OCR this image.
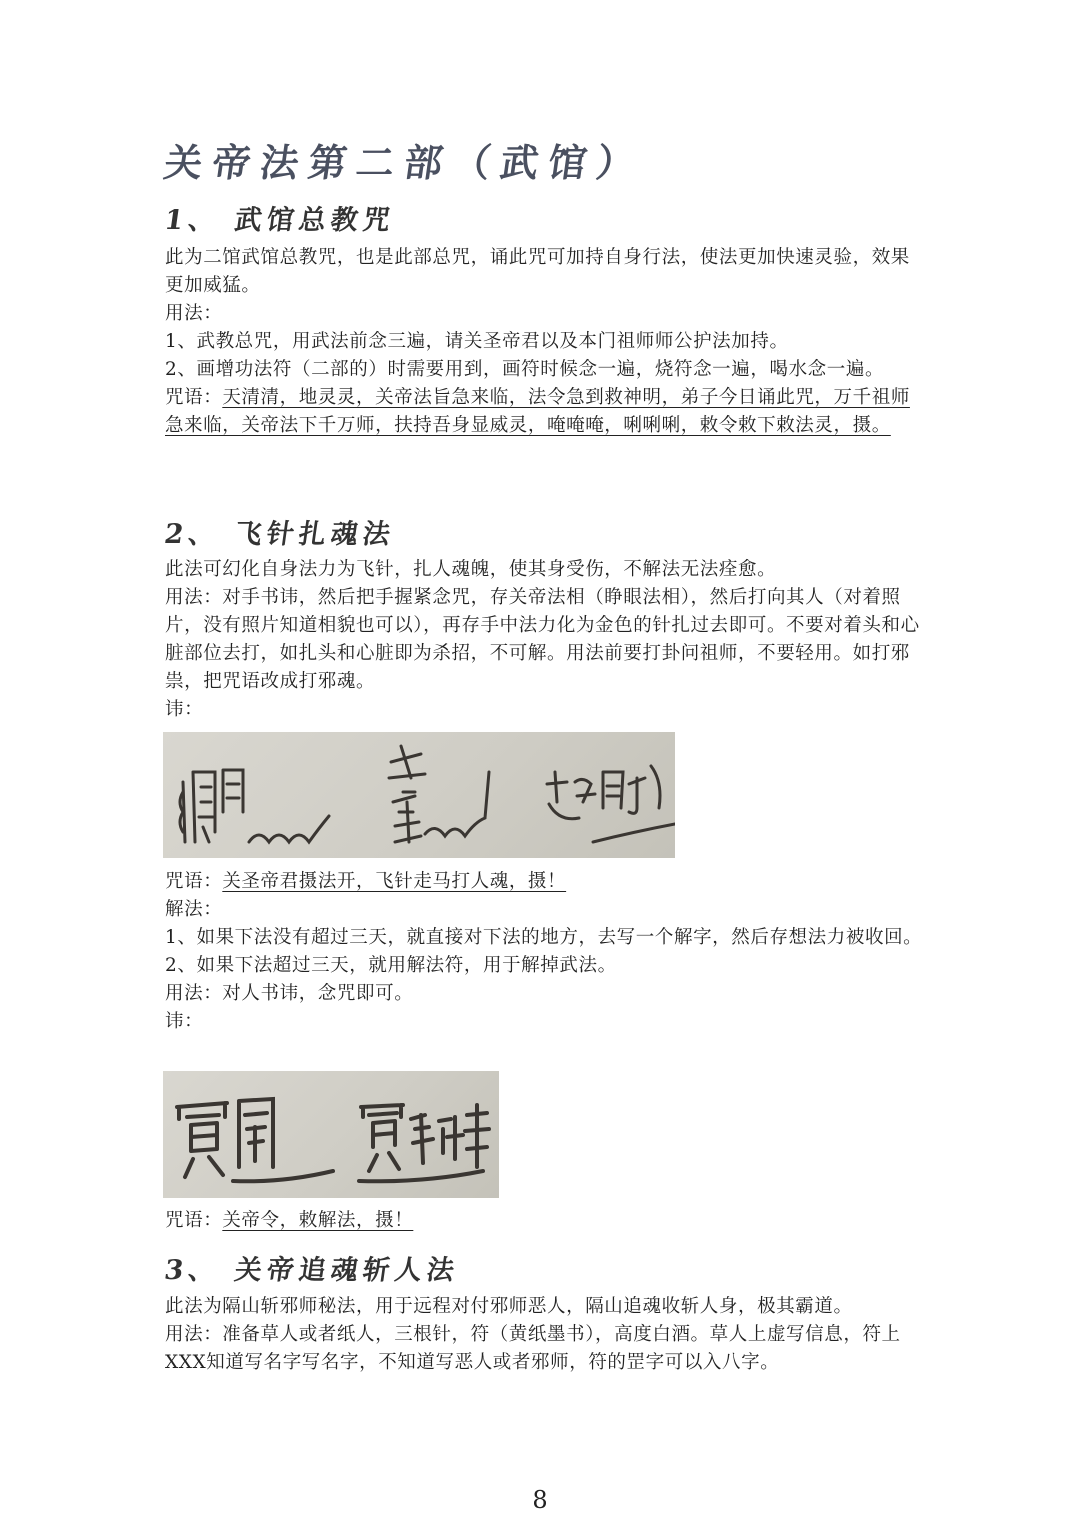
关帝法第二部（武馆）
1、 武馆总教咒

此为二馆武馆总教咒，也是此部总咒，诵此咒可加持自身行法，使法更加快速灵验，效果更加威猛。

用法：

1、武教总咒，用武法前念三遍，请关圣帝君以及本门祖师师公护法加持。

2、画增功法符（二部的）时需要用到，画符时候念一遍，烧符念一遍，喝水念一遍。

咒语：天清清，地灵灵，关帝法旨急来临，法令急到救神明，弟子今日诵此咒，万千祖师急来临，关帝法下千万师，扶持吾身显威灵，唵唵唵，唎唎唎，敕令敕下敕法灵，摄。

2、 飞针扎魂法

此法可幻化自身法力为飞针，扎人魂魄，使其身受伤，不解法无法痊愈。

用法：对手书讳，然后把手握紧念咒，存关帝法相（睁眼法相），然后打向其人（对着照片，没有照片知道相貌也可以），再存手中法力化为金色的针扎过去即可。不要对着头和心脏部位去打，如扎头和心脏即为杀招，不可解。用法前要打卦问祖师，不要轻用。如打邪祟，把咒语改成打邪魂。

讳：

咒语：关圣帝君摄法开，飞针走马打人魂，摄！

解法：

1、如果下法没有超过三天，就直接对下法的地方，去写一个解字，然后存想法力被收回。

2、如果下法超过三天，就用解法符，用于解掉武法。

用法：对人书讳，念咒即可。

讳：

咒语：关帝令，敕解法，摄！

3、 关帝追魂斩人法

此法为隔山斩邪师秘法，用于远程对付邪师恶人，隔山追魂收斩人身，极其霸道。

用法：准备草人或者纸人，三根针，符（黄纸墨书），高度白酒。草人上虚写信息，符上XXX知道写名字写名字，不知道写恶人或者邪师，符的罡字可以入八字。

8
